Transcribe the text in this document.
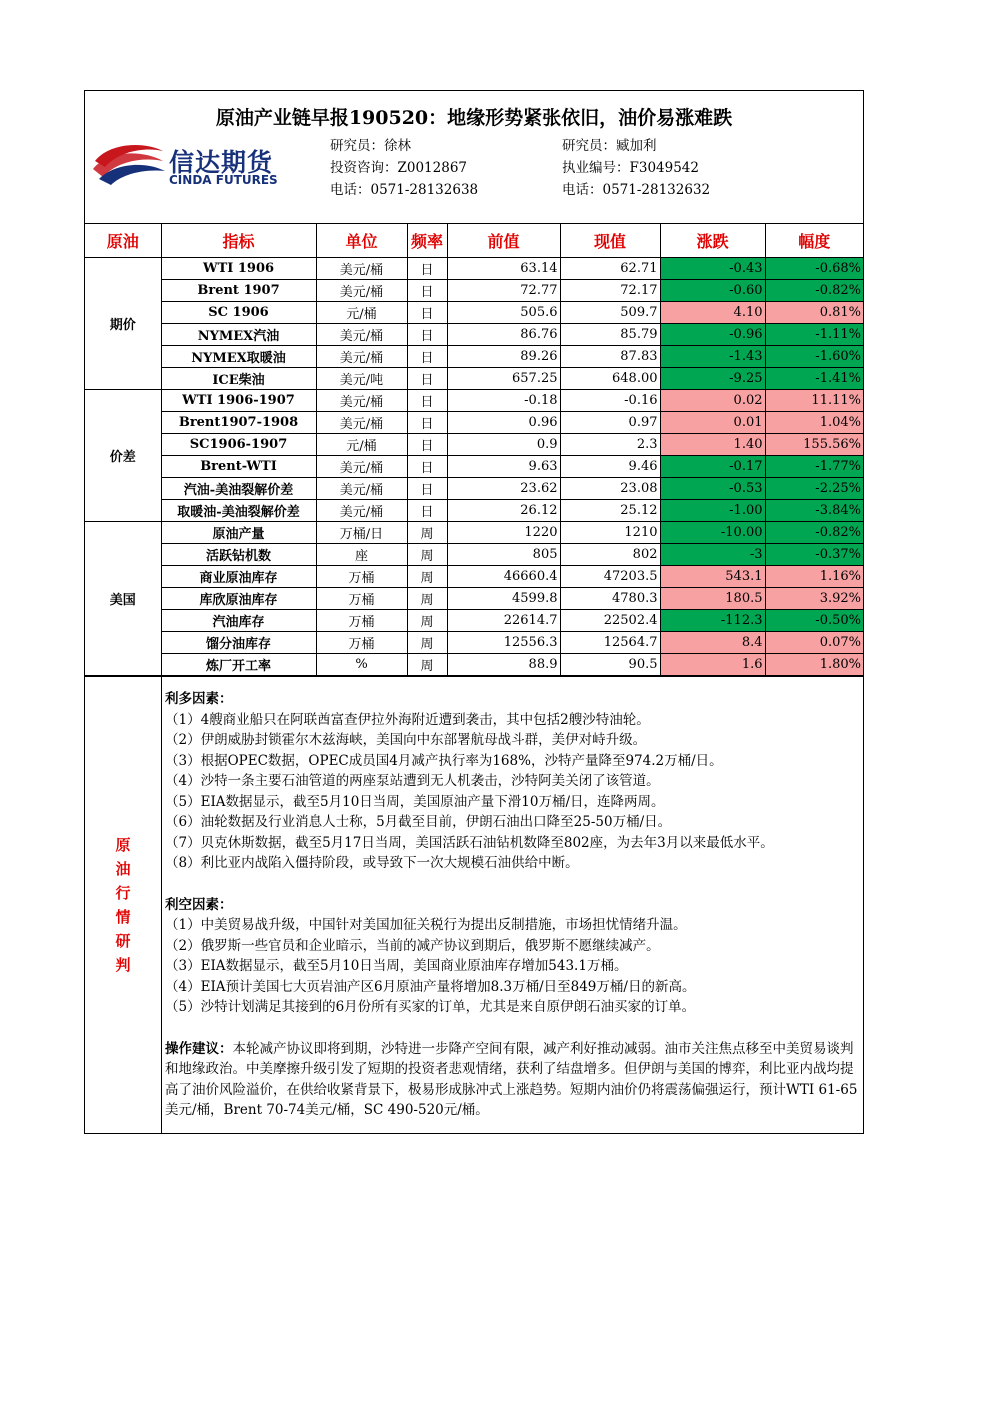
原油产业链早报190520：地缘形势紧张依旧，油价易涨难跌
信达期货
CINDA FUTURES
研究员：徐林
投资咨询：Z0012867
电话：0571-28132638
研究员：臧加利
执业编号：F3049542
电话：0571-28132632
原油	指标	单位	频率	前值	现值	涨跌	幅度
期价	WTI 1906	美元/桶	日	63.14	62.71	-0.43	-0.68%
	Brent 1907	美元/桶	日	72.77	72.17	-0.60	-0.82%
	SC 1906	元/桶	日	505.6	509.7	4.10	0.81%
	NYMEX汽油	美元/桶	日	86.76	85.79	-0.96	-1.11%
	NYMEX取暖油	美元/桶	日	89.26	87.83	-1.43	-1.60%
	ICE柴油	美元/吨	日	657.25	648.00	-9.25	-1.41%
价差	WTI 1906-1907	美元/桶	日	-0.18	-0.16	0.02	11.11%
	Brent1907-1908	美元/桶	日	0.96	0.97	0.01	1.04%
	SC1906-1907	元/桶	日	0.9	2.3	1.40	155.56%
	Brent-WTI	美元/桶	日	9.63	9.46	-0.17	-1.77%
	汽油-美油裂解价差	美元/桶	日	23.62	23.08	-0.53	-2.25%
	取暖油-美油裂解价差	美元/桶	日	26.12	25.12	-1.00	-3.84%
美国	原油产量	万桶/日	周	1220	1210	-10.00	-0.82%
	活跃钻机数	座	周	805	802	-3	-0.37%
	商业原油库存	万桶	周	46660.4	47203.5	543.1	1.16%
	库欣原油库存	万桶	周	4599.8	4780.3	180.5	3.92%
	汽油库存	万桶	周	22614.7	22502.4	-112.3	-0.50%
	馏分油库存	万桶	周	12556.3	12564.7	8.4	0.07%
	炼厂开工率	%	周	88.9	90.5	1.6	1.80%
原油行情研判

利多因素：

（1）4艘商业船只在阿联酋富查伊拉外海附近遭到袭击，其中包括2艘沙特油轮。

（2）伊朗威胁封锁霍尔木兹海峡，美国向中东部署航母战斗群，美伊对峙升级。

（3）根据OPEC数据，OPEC成员国4月减产执行率为168%，沙特产量降至974.2万桶/日。

（4）沙特一条主要石油管道的两座泵站遭到无人机袭击，沙特阿美关闭了该管道。

（5）EIA数据显示，截至5月10日当周，美国原油产量下滑10万桶/日，连降两周。

（6）油轮数据及行业消息人士称，5月截至目前，伊朗石油出口降至25-50万桶/日。

（7）贝克休斯数据，截至5月17日当周，美国活跃石油钻机数降至802座，为去年3月以来最低水平。

（8）利比亚内战陷入僵持阶段，或导致下一次大规模石油供给中断。

利空因素：

（1）中美贸易战升级，中国针对美国加征关税行为提出反制措施，市场担忧情绪升温。

（2）俄罗斯一些官员和企业暗示，当前的减产协议到期后，俄罗斯不愿继续减产。

（3）EIA数据显示，截至5月10日当周，美国商业原油库存增加543.1万桶。

（4）EIA预计美国七大页岩油产区6月原油产量将增加8.3万桶/日至849万桶/日的新高。

（5）沙特计划满足其接到的6月份所有买家的订单，尤其是来自原伊朗石油买家的订单。

操作建议：本轮减产协议即将到期，沙特进一步降产空间有限，减产利好推动减弱。油市关注焦点移至中美贸易谈判和地缘政治。中美摩擦升级引发了短期的投资者悲观情绪，获利了结盘增多。但伊朗与美国的博弈，利比亚内战均提高了油价风险溢价，在供给收紧背景下，极易形成脉冲式上涨趋势。短期内油价仍将震荡偏强运行，预计WTI 61-65美元/桶，Brent 70-74美元/桶，SC 490-520元/桶。
